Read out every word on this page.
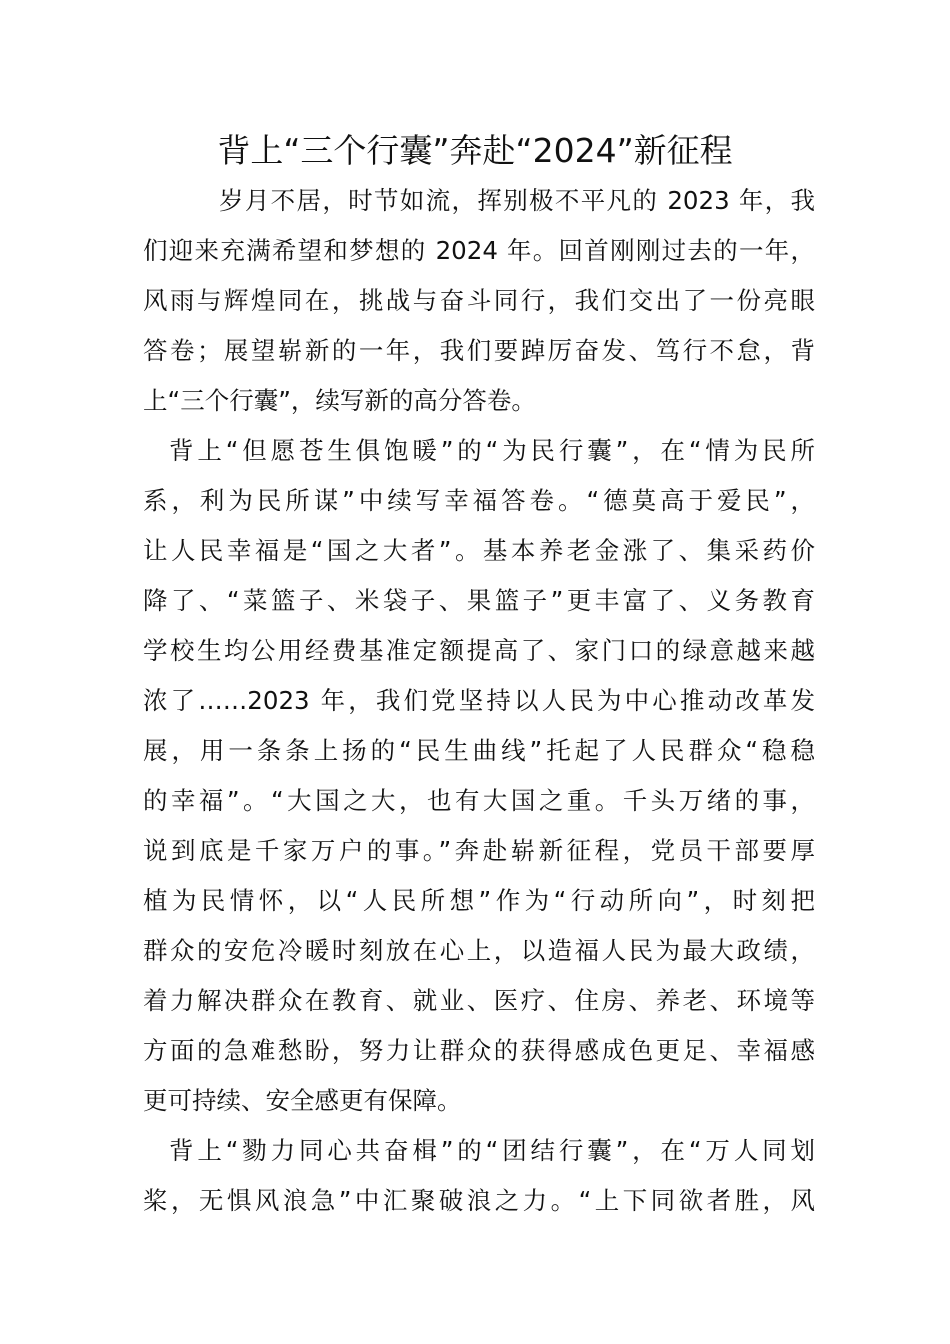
背上“三个行囊”奔赴“2024”新征程

岁月不居，时节如流，挥别极不平凡的 2023 年，我

们迎来充满希望和梦想的 2024 年。回首刚刚过去的一年，

风雨与辉煌同在，挑战与奋斗同行，我们交出了一份亮眼

答卷；展望崭新的一年，我们要踔厉奋发、笃行不怠，背

上“三个行囊”，续写新的高分答卷。

背上“但愿苍生俱饱暖”的“为民行囊”，在“情为民所

系，利为民所谋”中续写幸福答卷。“德莫高于爱民”，

让人民幸福是“国之大者”。基本养老金涨了、集采药价

降了、“菜篮子、米袋子、果篮子”更丰富了、义务教育

学校生均公用经费基准定额提高了、家门口的绿意越来越

浓了……2023 年，我们党坚持以人民为中心推动改革发

展，用一条条上扬的“民生曲线”托起了人民群众“稳稳

的幸福”。“大国之大，也有大国之重。千头万绪的事，

说到底是千家万户的事。”奔赴崭新征程，党员干部要厚

植为民情怀，以“人民所想”作为“行动所向”，时刻把

群众的安危冷暖时刻放在心上，以造福人民为最大政绩，

着力解决群众在教育、就业、医疗、住房、养老、环境等

方面的急难愁盼，努力让群众的获得感成色更足、幸福感

更可持续、安全感更有保障。

背上“勠力同心共奋楫”的“团结行囊”，在“万人同划

桨，无惧风浪急”中汇聚破浪之力。“上下同欲者胜，风
